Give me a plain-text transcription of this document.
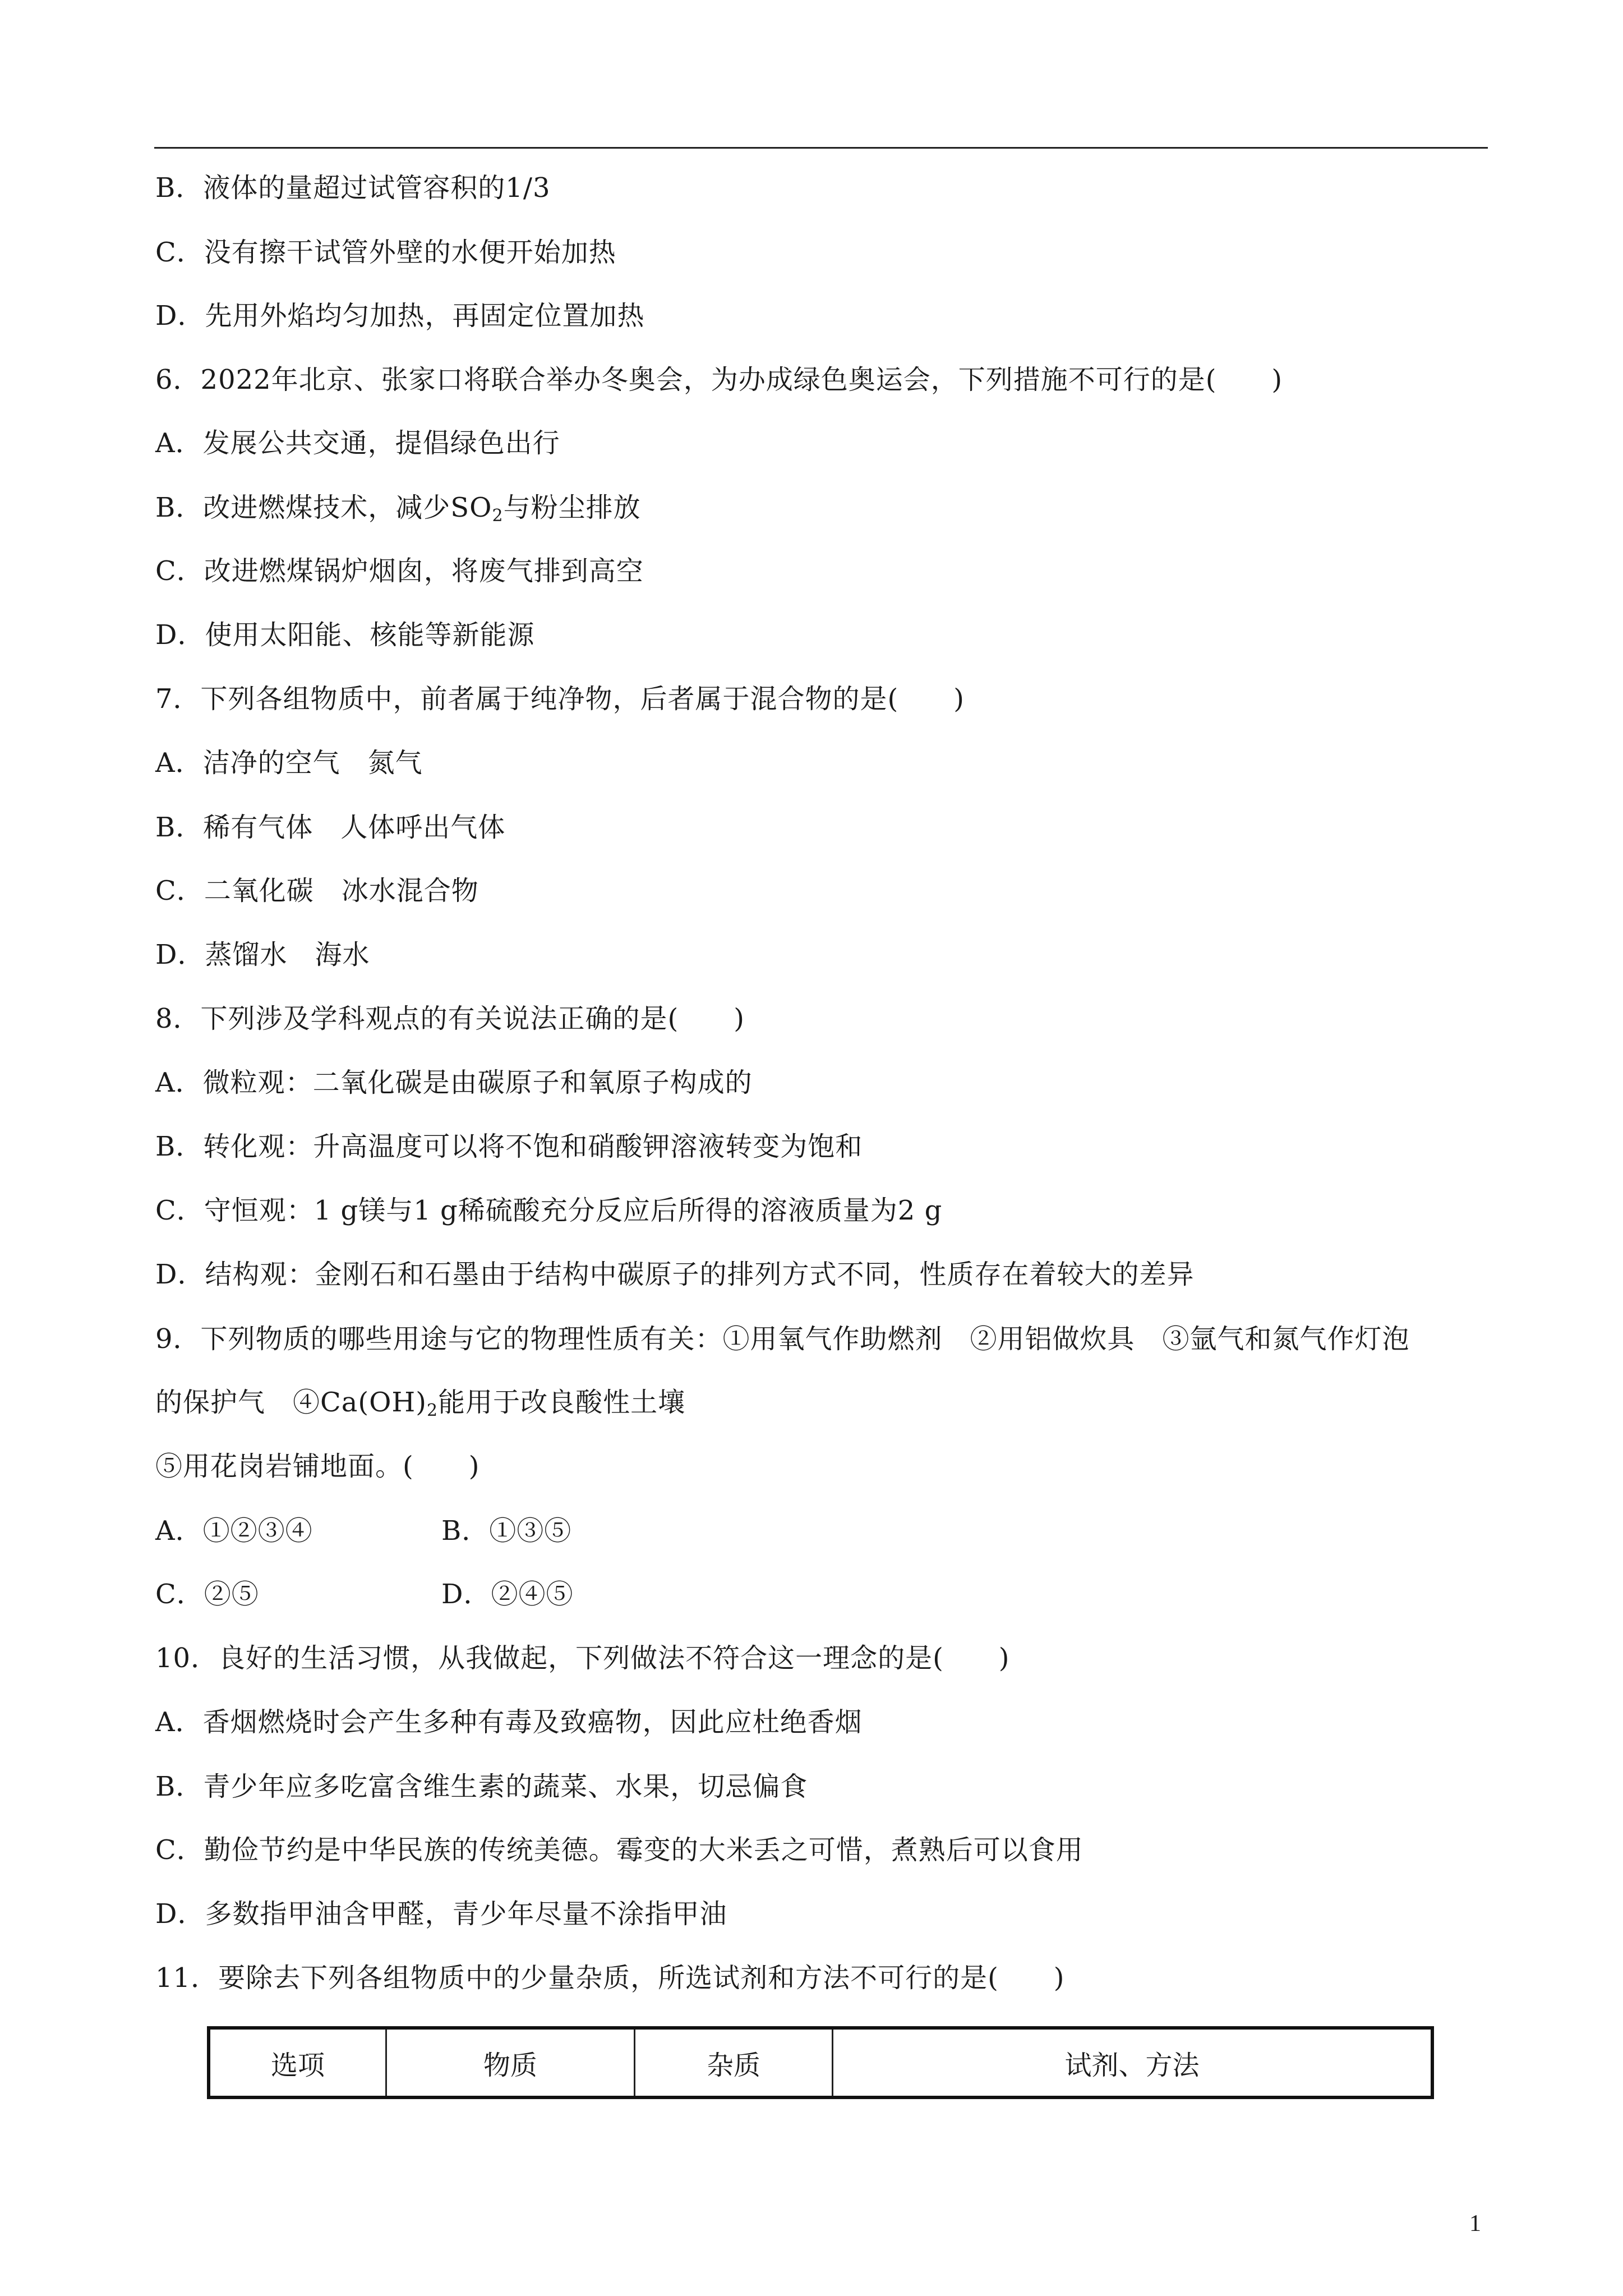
B．液体的量超过试管容积的1/3
C．没有擦干试管外壁的水便开始加热
D．先用外焰均匀加热，再固定位置加热
6．2022年北京、张家口将联合举办冬奥会，为办成绿色奥运会，下列措施不可行的是(　　)
A．发展公共交通，提倡绿色出行
B．改进燃煤技术，减少$SO_2$与粉尘排放
C．改进燃煤锅炉烟囱，将废气排到高空
D．使用太阳能、核能等新能源
7．下列各组物质中，前者属于纯净物，后者属于混合物的是(　　)
A．洁净的空气　氮气
B．稀有气体　人体呼出气体
C．二氧化碳　冰水混合物
D．蒸馏水　海水
8．下列涉及学科观点的有关说法正确的是(　　)
A．微粒观：二氧化碳是由碳原子和氧原子构成的
B．转化观：升高温度可以将不饱和硝酸钾溶液转变为饱和
C．守恒观：1 g镁与1 g稀硫酸充分反应后所得的溶液质量为2 g
D．结构观：金刚石和石墨由于结构中碳原子的排列方式不同，性质存在着较大的差异
9．下列物质的哪些用途与它的物理性质有关：①用氧气作助燃剂　②用铝做炊具　③氩气和氮气作灯泡
的保护气　$④Ca(OH)_2$能用于改良酸性土壤
⑤用花岗岩铺地面。(　　)
A．①②③④	B．①③⑤
C．②⑤	D．②④⑤
10．良好的生活习惯，从我做起，下列做法不符合这一理念的是(　　)
A．香烟燃烧时会产生多种有毒及致癌物，因此应杜绝香烟
B．青少年应多吃富含维生素的蔬菜、水果，切忌偏食
C．勤俭节约是中华民族的传统美德。霉变的大米丢之可惜，煮熟后可以食用
D．多数指甲油含甲醛，青少年尽量不涂指甲油
11．要除去下列各组物质中的少量杂质，所选试剂和方法不可行的是(　　)
选项	物质	杂质	试剂、方法
1
